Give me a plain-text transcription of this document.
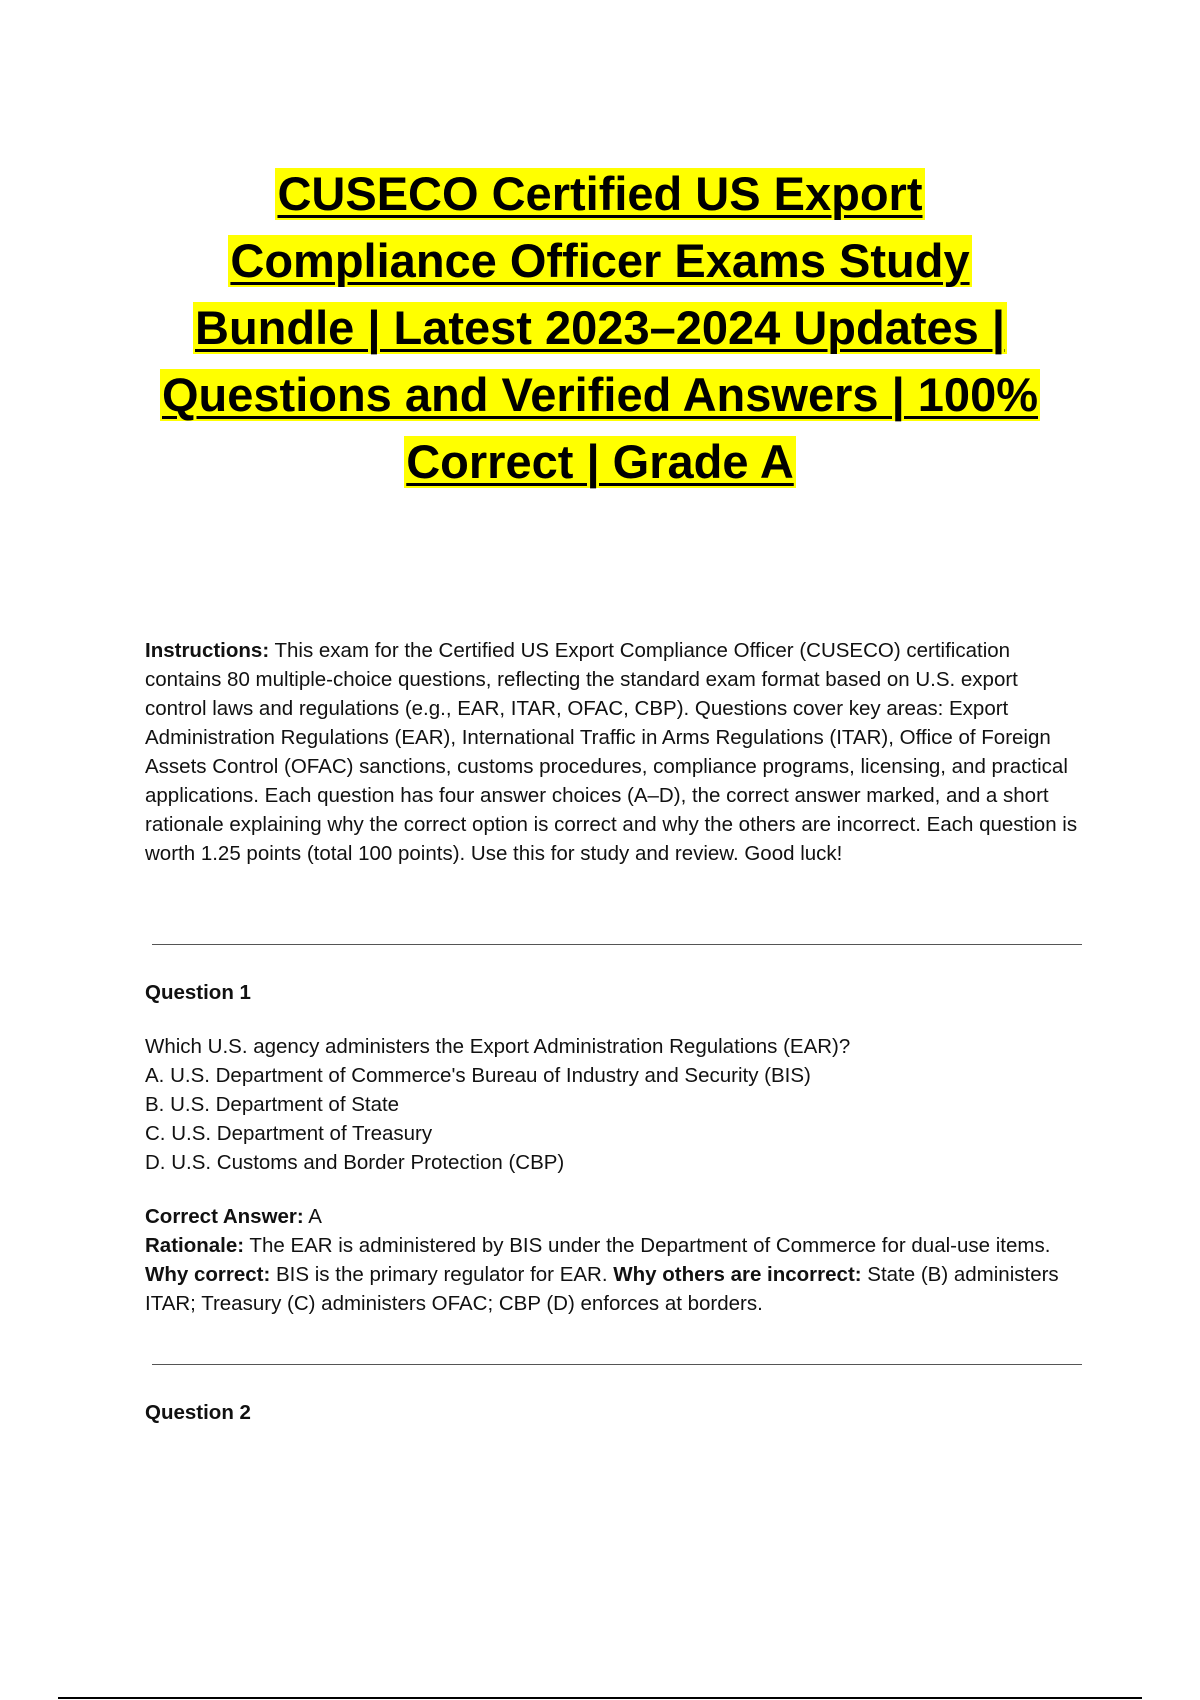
CUSECO Certified US Export
Compliance Officer Exams Study
Bundle | Latest 2023–2024 Updates |
Questions and Verified Answers | 100%
Correct | Grade A
Instructions: This exam for the Certified US Export Compliance Officer (CUSECO) certification contains 80 multiple-choice questions, reflecting the standard exam format based on U.S. export control laws and regulations (e.g., EAR, ITAR, OFAC, CBP). Questions cover key areas: Export Administration Regulations (EAR), International Traffic in Arms Regulations (ITAR), Office of Foreign Assets Control (OFAC) sanctions, customs procedures, compliance programs, licensing, and practical applications. Each question has four answer choices (A–D), the correct answer marked, and a short rationale explaining why the correct option is correct and why the others are incorrect. Each question is worth 1.25 points (total 100 points). Use this for study and review. Good luck!
Question 1
Which U.S. agency administers the Export Administration Regulations (EAR)?
A. U.S. Department of Commerce's Bureau of Industry and Security (BIS)
B. U.S. Department of State
C. U.S. Department of Treasury
D. U.S. Customs and Border Protection (CBP)
Correct Answer: A
Rationale: The EAR is administered by BIS under the Department of Commerce for dual-use items. Why correct: BIS is the primary regulator for EAR. Why others are incorrect: State (B) administers ITAR; Treasury (C) administers OFAC; CBP (D) enforces at borders.
Question 2
